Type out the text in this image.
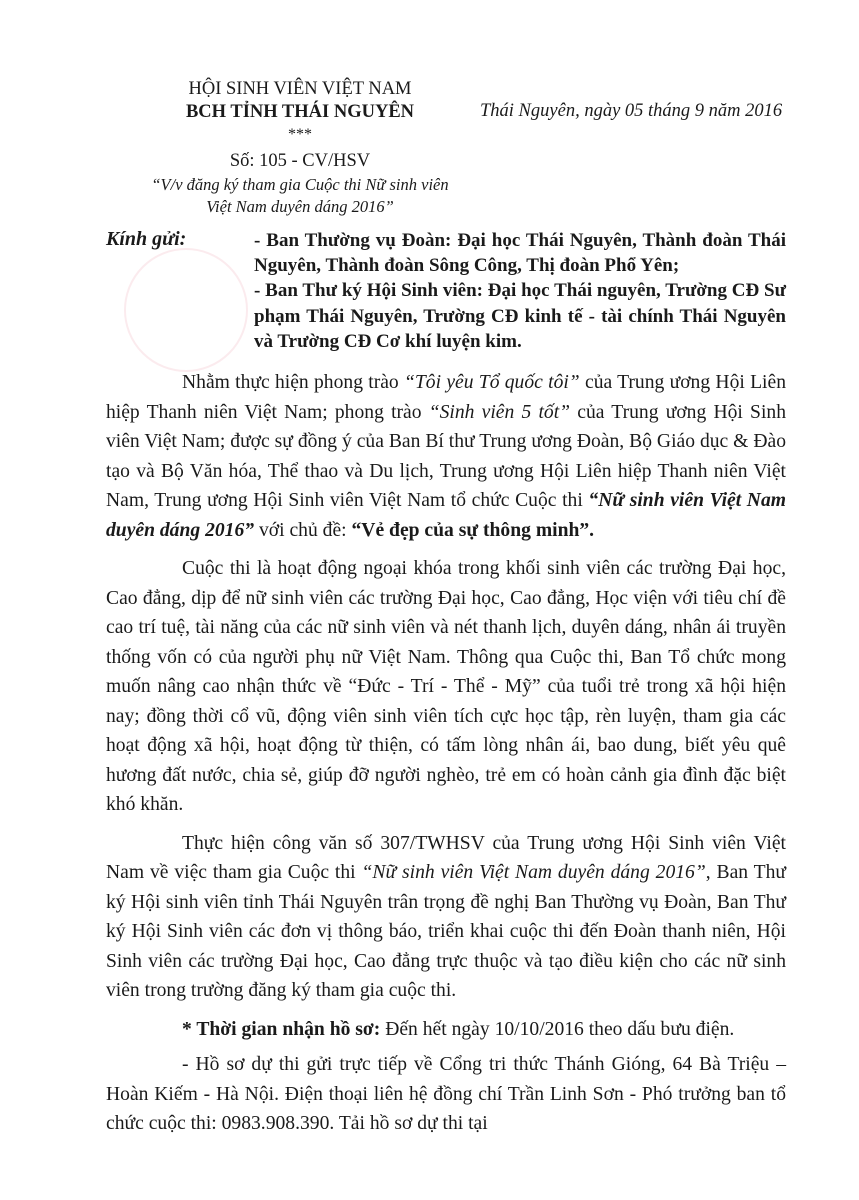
HỘI SINH VIÊN VIỆT NAM

BCH TỈNH THÁI NGUYÊN

***

Số: 105 - CV/HSV

“V/v đăng ký tham gia Cuộc thi Nữ sinh viên

Việt Nam duyên dáng 2016”

Thái Nguyên, ngày 05 tháng 9 năm 2016
Kính gửi:	- Ban Thường vụ Đoàn: Đại học Thái Nguyên, Thành đoàn Thái Nguyên, Thành đoàn Sông Công, Thị đoàn Phổ Yên;

- Ban Thư ký Hội Sinh viên: Đại học Thái nguyên, Trường CĐ Sư phạm Thái Nguyên, Trường CĐ kinh tế - tài chính Thái Nguyên và Trường CĐ Cơ khí luyện kim.

Nhằm thực hiện phong trào “Tôi yêu Tổ quốc tôi” của Trung ương Hội Liên hiệp Thanh niên Việt Nam; phong trào “Sinh viên 5 tốt” của Trung ương Hội Sinh viên Việt Nam; được sự đồng ý của Ban Bí thư Trung ương Đoàn, Bộ Giáo dục & Đào tạo và Bộ Văn hóa, Thể thao và Du lịch, Trung ương Hội Liên hiệp Thanh niên Việt Nam, Trung ương Hội Sinh viên Việt Nam tổ chức Cuộc thi “Nữ sinh viên Việt Nam duyên dáng 2016” với chủ đề: “Vẻ đẹp của sự thông minh”.

Cuộc thi là hoạt động ngoại khóa trong khối sinh viên các trường Đại học, Cao đẳng, dịp để nữ sinh viên các trường Đại học, Cao đẳng, Học viện với tiêu chí đề cao trí tuệ, tài năng của các nữ sinh viên và nét thanh lịch, duyên dáng, nhân ái truyền thống vốn có của người phụ nữ Việt Nam. Thông qua Cuộc thi, Ban Tổ chức mong muốn nâng cao nhận thức về “Đức - Trí - Thể - Mỹ” của tuổi trẻ trong xã hội hiện nay; đồng thời cổ vũ, động viên sinh viên tích cực học tập, rèn luyện, tham gia các hoạt động xã hội, hoạt động từ thiện, có tấm lòng nhân ái, bao dung, biết yêu quê hương đất nước, chia sẻ, giúp đỡ người nghèo, trẻ em có hoàn cảnh gia đình đặc biệt khó khăn.

Thực hiện công văn số 307/TWHSV của Trung ương Hội Sinh viên Việt Nam về việc tham gia Cuộc thi “Nữ sinh viên Việt Nam duyên dáng 2016”, Ban Thư ký Hội sinh viên tỉnh Thái Nguyên trân trọng đề nghị Ban Thường vụ Đoàn, Ban Thư ký Hội Sinh viên các đơn vị thông báo, triển khai cuộc thi đến Đoàn thanh niên, Hội Sinh viên các trường Đại học, Cao đẳng trực thuộc và tạo điều kiện cho các nữ sinh viên trong trường đăng ký tham gia cuộc thi.

* Thời gian nhận hồ sơ: Đến hết ngày 10/10/2016 theo dấu bưu điện.

- Hồ sơ dự thi gửi trực tiếp về Cổng tri thức Thánh Gióng, 64 Bà Triệu – Hoàn Kiếm - Hà Nội. Điện thoại liên hệ đồng chí Trần Linh Sơn - Phó trưởng ban tổ chức cuộc thi: 0983.908.390. Tải hồ sơ dự thi tại
